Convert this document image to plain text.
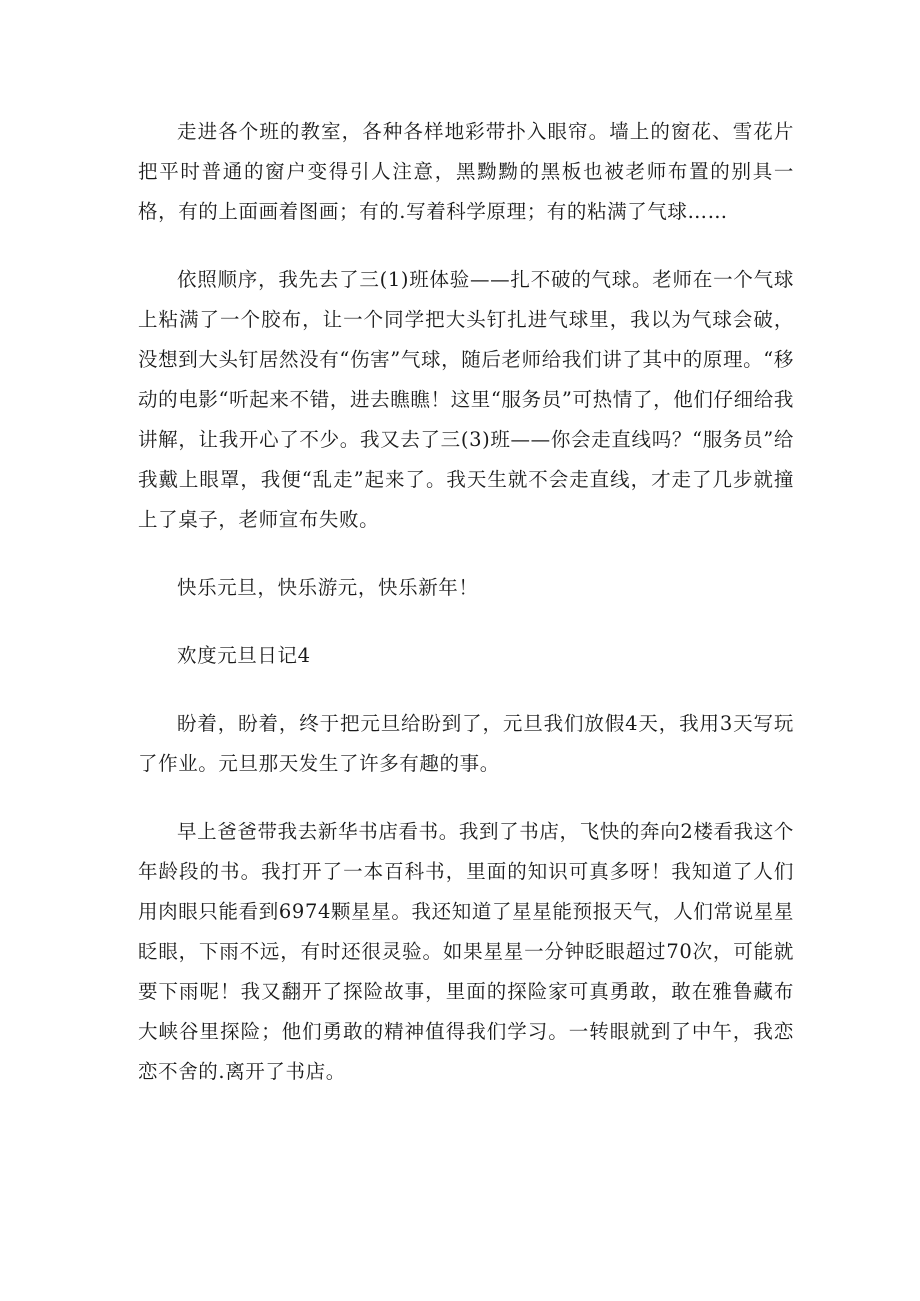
走进各个班的教室，各种各样地彩带扑入眼帘。墙上的窗花、雪花片把平时普通的窗户变得引人注意，黑黝黝的黑板也被老师布置的别具一格，有的上面画着图画；有的.写着科学原理；有的粘满了气球……

依照顺序，我先去了三(1)班体验——扎不破的气球。老师在一个气球上粘满了一个胶布，让一个同学把大头钉扎进气球里，我以为气球会破，没想到大头钉居然没有“伤害”气球，随后老师给我们讲了其中的原理。“移动的电影“听起来不错，进去瞧瞧！这里“服务员”可热情了，他们仔细给我讲解，让我开心了不少。我又去了三(3)班——你会走直线吗？“服务员”给我戴上眼罩，我便“乱走”起来了。我天生就不会走直线，才走了几步就撞上了桌子，老师宣布失败。

快乐元旦，快乐游元，快乐新年！

欢度元旦日记4

盼着，盼着，终于把元旦给盼到了，元旦我们放假4天，我用3天写玩了作业。元旦那天发生了许多有趣的事。

早上爸爸带我去新华书店看书。我到了书店，飞快的奔向2楼看我这个年龄段的书。我打开了一本百科书，里面的知识可真多呀！我知道了人们用肉眼只能看到6974颗星星。我还知道了星星能预报天气，人们常说星星眨眼，下雨不远，有时还很灵验。如果星星一分钟眨眼超过70次，可能就要下雨呢！我又翻开了探险故事，里面的探险家可真勇敢，敢在雅鲁藏布大峡谷里探险；他们勇敢的精神值得我们学习。一转眼就到了中午，我恋恋不舍的.离开了书店。
